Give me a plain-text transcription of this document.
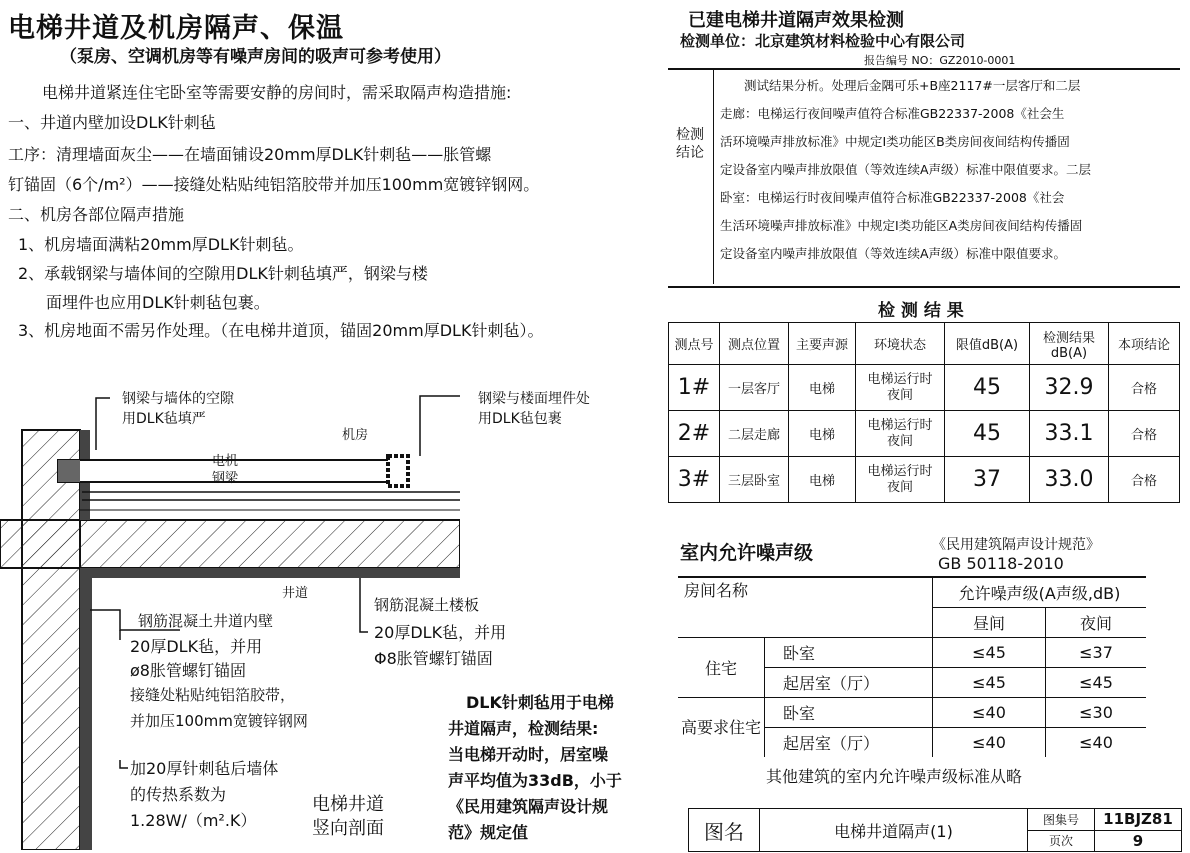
电梯井道及机房隔声、保温
（泵房、空调机房等有噪声房间的吸声可参考使用）
电梯井道紧连住宅卧室等需要安静的房间时，需采取隔声构造措施:
一、井道内壁加设DLK针刺毡
工序：清理墙面灰尘——在墙面铺设20mm厚DLK针刺毡——胀管螺
钉锚固（6个/m²）——接缝处粘贴纯铝箔胶带并加压100mm宽镀锌钢网。
二、机房各部位隔声措施
1、机房墙面满粘20mm厚DLK针刺毡。
2、承载钢梁与墙体间的空隙用DLK针刺毡填严，钢梁与楼
面埋件也应用DLK针刺毡包裹。
3、机房地面不需另作处理。（在电梯井道顶，锚固20mm厚DLK针刺毡）。
钢梁与墙体的空隙
用DLK毡填严
机房
电机
钢梁
钢梁与楼面埋件处
用DLK毡包裹
井道
钢筋混凝土井道内壁
20厚DLK毡，并用
ø8胀管螺钉锚固
接缝处粘贴纯铝箔胶带，
并加压100mm宽镀锌钢网
钢筋混凝土楼板
20厚DLK毡，并用
Φ8胀管螺钉锚固
加20厚针刺毡后墙体
的传热系数为
1.28W/（m².K）
电梯井道
竖向剖面
DLK针刺毡用于电梯
井道隔声，检测结果:
当电梯开动时，居室噪
声平均值为33dB，小于
《民用建筑隔声设计规
范》规定值
已建电梯井道隔声效果检测
检测单位：北京建筑材料检验中心有限公司
报告编号 NO：GZ2010-0001
检测
结论
测试结果分析。处理后金隅可乐+B座2117#一层客厅和二层
走廊：电梯运行夜间噪声值符合标准GB22337-2008《社会生
活环境噪声排放标准》中规定Ⅰ类功能区B类房间夜间结构传播固
定设备室内噪声排放限值（等效连续A声级）标准中限值要求。二层
卧室：电梯运行时夜间噪声值符合标准GB22337-2008《社会
生活环境噪声排放标准》中规定Ⅰ类功能区A类房间夜间结构传播固
定设备室内噪声排放限值（等效连续A声级）标准中限值要求。
检 测 结 果
测点号	测点位置	主要声源	环境状态	限值dB(A)	检测结果 dB(A)	本项结论
1#	一层客厅	电梯	电梯运行时
夜间	45	32.9	合格
2#	二层走廊	电梯	电梯运行时
夜间	45	33.1	合格
3#	三层卧室	电梯	电梯运行时
夜间	37	33.0	合格
室内允许噪声级	《民用建筑隔声设计规范》
GB 50118-2010
房间名称		允许噪声级(A声级,dB)	
		昼间	夜间
住宅	卧室	≤45	≤37
	起居室（厅）	≤45	≤45
高要求住宅	卧室	≤40	≤30
	起居室（厅）	≤40	≤40
其他建筑的室内允许噪声级标准从略
图名	电梯井道隔声(1)	图集号	11BJZ81
		页次	9
